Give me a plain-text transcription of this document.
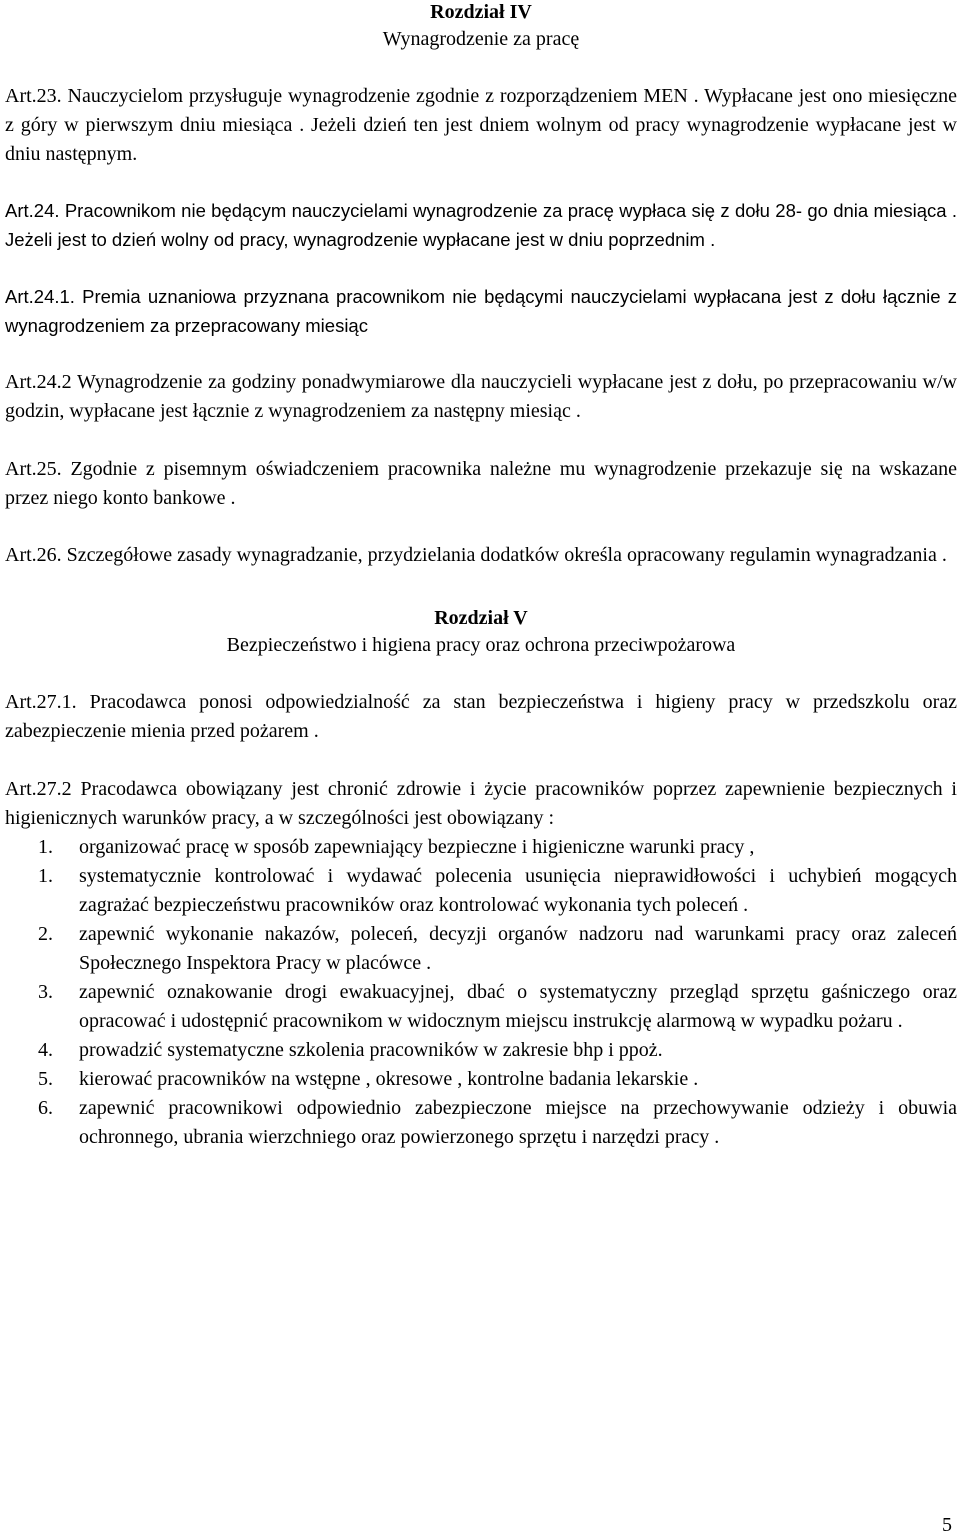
Rozdział IV
Wynagrodzenie za pracę

Art.23. Nauczycielom przysługuje wynagrodzenie zgodnie z rozporządzeniem MEN . Wypłacane jest ono miesięczne z góry w pierwszym dniu miesiąca . Jeżeli dzień ten jest dniem wolnym od pracy wynagrodzenie wypłacane jest w dniu następnym.

Art.24. Pracownikom nie będącym nauczycielami wynagrodzenie za pracę wypłaca się z dołu 28- go dnia miesiąca . Jeżeli jest to dzień wolny od pracy, wynagrodzenie wypłacane jest w dniu poprzednim .

Art.24.1. Premia uznaniowa przyznana pracownikom nie będącymi nauczycielami wypłacana jest z dołu łącznie z wynagrodzeniem za przepracowany miesiąc

Art.24.2 Wynagrodzenie za godziny ponadwymiarowe dla nauczycieli wypłacane jest z dołu, po przepracowaniu w/w godzin, wypłacane jest łącznie z wynagrodzeniem za następny miesiąc .

Art.25. Zgodnie z pisemnym oświadczeniem pracownika należne mu wynagrodzenie przekazuje się na wskazane przez niego konto bankowe .

Art.26. Szczegółowe zasady wynagradzanie, przydzielania dodatków określa opracowany regulamin wynagradzania .

Rozdział V
Bezpieczeństwo i higiena pracy oraz ochrona przeciwpożarowa

Art.27.1. Pracodawca ponosi odpowiedzialność za stan bezpieczeństwa i higieny pracy w przedszkolu oraz zabezpieczenie mienia przed pożarem .

Art.27.2 Pracodawca obowiązany jest chronić zdrowie i życie pracowników poprzez zapewnienie bezpiecznych i higienicznych warunków pracy, a w szczególności jest obowiązany :

1.	organizować pracę w sposób zapewniający bezpieczne i higieniczne warunki pracy ,
1.	systematycznie kontrolować i wydawać polecenia usunięcia nieprawidłowości i uchybień mogących zagrażać bezpieczeństwu pracowników oraz kontrolować wykonania tych poleceń .
2.	zapewnić wykonanie nakazów, poleceń, decyzji organów nadzoru nad warunkami pracy oraz zaleceń Społecznego Inspektora Pracy w placówce .
3.	zapewnić oznakowanie drogi ewakuacyjnej, dbać o systematyczny przegląd sprzętu gaśniczego oraz opracować i udostępnić pracownikom w widocznym miejscu instrukcję alarmową w wypadku pożaru .
4.	prowadzić systematyczne szkolenia pracowników w zakresie bhp i ppoż.
5.	kierować pracowników na wstępne , okresowe , kontrolne badania lekarskie .
6.	zapewnić pracownikowi odpowiednio zabezpieczone miejsce na przechowywanie odzieży i obuwia ochronnego, ubrania wierzchniego oraz powierzonego sprzętu i narzędzi pracy .
5
